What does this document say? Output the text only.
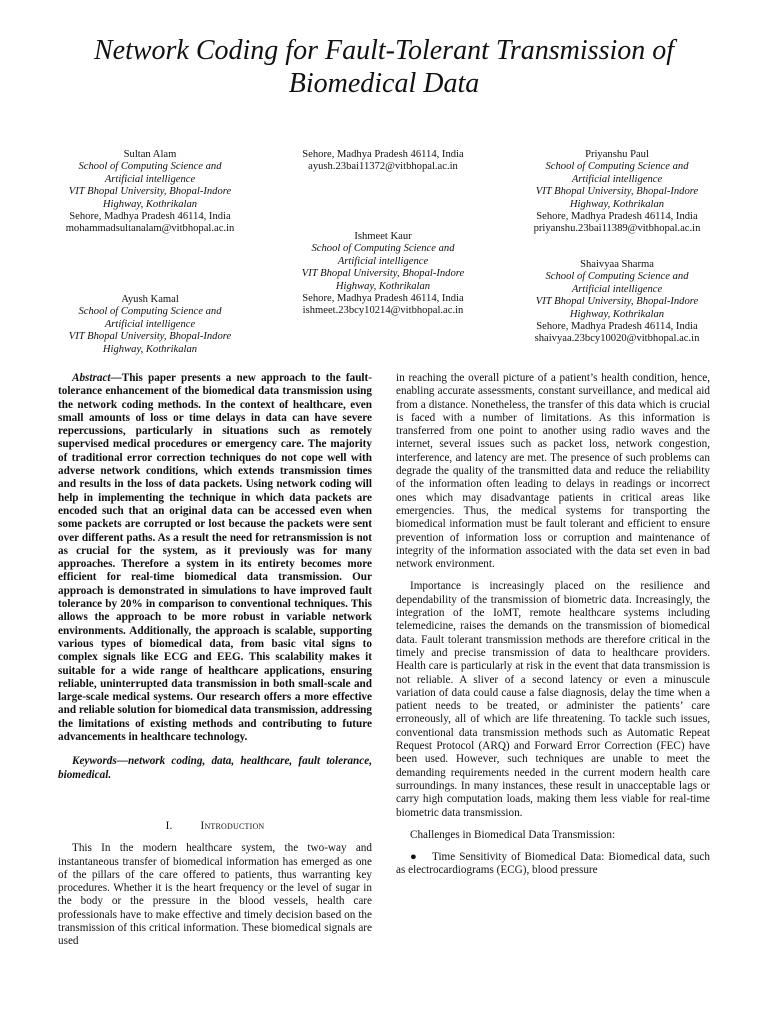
Network Coding for Fault-Tolerant Transmission of Biomedical Data
Sultan Alam
School of Computing Science and Artificial intelligence
VIT Bhopal University, Bhopal-Indore Highway, Kothrikalan
Sehore, Madhya Pradesh 46114, India
mohammadsultanalam@vitbhopal.ac.in
Ayush Kamal
School of Computing Science and Artificial intelligence
VIT Bhopal University, Bhopal-Indore Highway, Kothrikalan
Sehore, Madhya Pradesh 46114, India
ayush.23bai11372@vitbhopal.ac.in
Ishmeet Kaur
School of Computing Science and Artificial intelligence
VIT Bhopal University, Bhopal-Indore Highway, Kothrikalan
Sehore, Madhya Pradesh 46114, India
ishmeet.23bcy10214@vitbhopal.ac.in
Priyanshu Paul
School of Computing Science and Artificial intelligence
VIT Bhopal University, Bhopal-Indore Highway, Kothrikalan
Sehore, Madhya Pradesh 46114, India
priyanshu.23bai11389@vitbhopal.ac.in
Shaivyaa Sharma
School of Computing Science and Artificial intelligence
VIT Bhopal University, Bhopal-Indore Highway, Kothrikalan
Sehore, Madhya Pradesh 46114, India
shaivyaa.23bcy10020@vitbhopal.ac.in

Abstract—This paper presents a new approach to the fault-tolerance enhancement of the biomedical data transmission using the network coding methods. In the context of healthcare, even small amounts of loss or time delays in data can have severe repercussions, particularly in situations such as remotely supervised medical procedures or emergency care. The majority of traditional error correction techniques do not cope well with adverse network conditions, which extends transmission times and results in the loss of data packets. Using network coding will help in implementing the technique in which data packets are encoded such that an original data can be accessed even when some packets are corrupted or lost because the packets were sent over different paths. As a result the need for retransmission is not as crucial for the system, as it previously was for many approaches. Therefore a system in its entirety becomes more efficient for real-time biomedical data transmission. Our approach is demonstrated in simulations to have improved fault tolerance by 20% in comparison to conventional techniques. This allows the approach to be more robust in variable network environments. Additionally, the approach is scalable, supporting various types of biomedical data, from basic vital signs to complex signals like ECG and EEG. This scalability makes it suitable for a wide range of healthcare applications, ensuring reliable, uninterrupted data transmission in both small-scale and large-scale medical systems. Our research offers a more effective and reliable solution for biomedical data transmission, addressing the limitations of existing methods and contributing to future advancements in healthcare technology.

Keywords—network coding, data, healthcare, fault tolerance, biomedical.

I.	Introduction

This In the modern healthcare system, the two-way and instantaneous transfer of biomedical information has emerged as one of the pillars of the care offered to patients, thus warranting key procedures. Whether it is the heart frequency or the level of sugar in the body or the pressure in the blood vessels, health care professionals have to make effective and timely decision based on the transmission of this critical information. These biomedical signals are used

in reaching the overall picture of a patient’s health condition, hence, enabling accurate assessments, constant surveillance, and medical aid from a distance. Nonetheless, the transfer of this data which is crucial is faced with a number of limitations. As this information is transferred from one point to another using radio waves and the internet, several issues such as packet loss, network congestion, interference, and latency are met. The presence of such problems can degrade the quality of the transmitted data and reduce the reliability of the information often leading to delays in readings or incorrect ones which may disadvantage patients in critical areas like emergencies. Thus, the medical systems for transporting the biomedical information must be fault tolerant and efficient to ensure prevention of information loss or corruption and maintenance of integrity of the information associated with the data set even in bad network environment.

Importance is increasingly placed on the resilience and dependability of the transmission of biometric data. Increasingly, the integration of the IoMT, remote healthcare systems including telemedicine, raises the demands on the transmission of biomedical data. Fault tolerant transmission methods are therefore critical in the timely and precise transmission of data to healthcare providers. Health care is particularly at risk in the event that data transmission is not reliable. A sliver of a second latency or even a minuscule variation of data could cause a false diagnosis, delay the time when a patient needs to be treated, or administer the patients’ care erroneously, all of which are life threatening. To tackle such issues, conventional data transmission methods such as Automatic Repeat Request Protocol (ARQ) and Forward Error Correction (FEC) have been used. However, such techniques are unable to meet the demanding requirements needed in the current modern health care surroundings. In many instances, these result in unacceptable lags or carry high computation loads, making them less viable for real-time biometric data transmission.

Challenges in Biomedical Data Transmission:

● Time Sensitivity of Biomedical Data: Biomedical data, such as electrocardiograms (ECG), blood pressure
